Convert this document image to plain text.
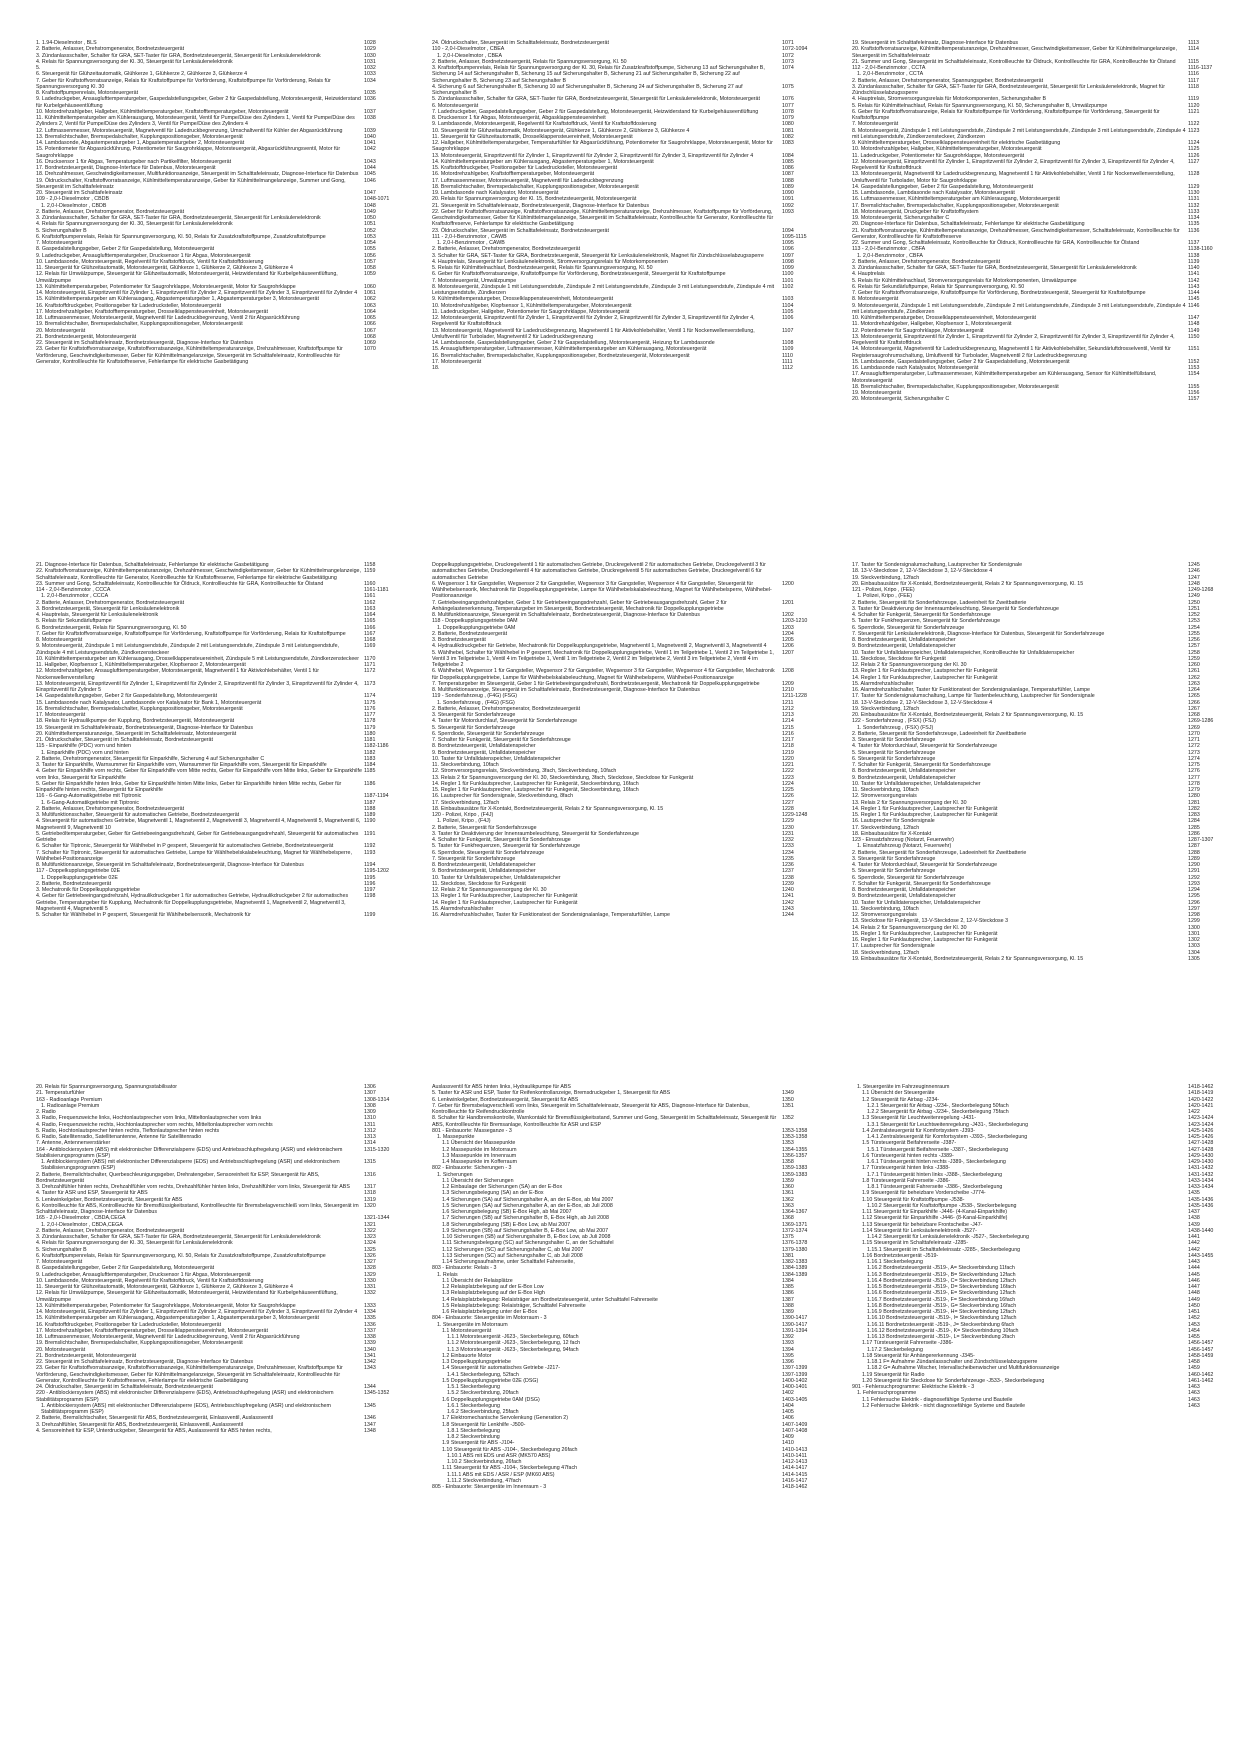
1. 1.94-Dieselmotor , BLS	1028
2. Batterie, Anlasser, Drehstromgenerator, Bordnetzsteuergerät	1029
3. Zündanlassschalter, Schalter für GRA, SET-Taster für GRA, Bordnetzsteuergerät, Steuergerät für Lenksäulenelektronik	1030
4. Relais für Spannungsversorgung der Kl. 30, Steuergerät für Lenksäulenelektronik	1031
5.	1032
6. Steuergerät für Glühzeitautomatik, Glühkerze 1, Glühkerze 2, Glühkerze 3, Glühkerze 4	1033
7. Geber für Kraftstoffvorratsanzeige, Relais für Kraftstoffpumpe für Vorförderung, Kraftstoffpumpe für Vorförderung, Relais für Spannungsversorgung Kl. 30
1034
8. Kraftstoffpumpenrelais, Motorsteuergerät	1035
9. Ladedruckgeber, Ansauglufttemperaturgeber, Gaspedalstellungsgeber, Geber 2 für Gaspedalstellung, Motorsteuergerät, Heizwiderstand für Kurbelgehäuseentlüftung
1036
10. Motordrehzahlgeber, Hallgeber, Kühlmitteltemperaturgeber, Kraftstofftemperaturgeber, Motorsteuergerät	1037
11. Kühlmitteltemperaturgeber am Kühlerausgang, Motorsteuergerät, Ventil für Pumpe/Düse des Zylinders 1, Ventil für Pumpe/Düse des Zylinders 2, Ventil für Pumpe/Düse des Zylinders 3, Ventil für Pumpe/Düse des Zylinders 4
1038
12. Luftmassenmesser, Motorsteuergerät, Magnetventil für Ladedruckbegrenzung, Umschaltventil für Kühler der Abgasrückführung	1039
13. Bremslichtschalter, Bremspedalschalter, Kupplungspositionsgeber, Motorsteuergerät	1040
14. Lambdasonde, Abgastemperaturgeber 1, Abgastemperaturgeber 2, Motorsteuergerät	1041
15. Potentiometer für Abgasrückführung, Potentiometer für Saugrohrklappe, Motorsteuergerät, Abgasrückführungsventil, Motor für Saugrohrklappe
1042
16. Drucksensor 1 für Abgas, Temperaturgeber nach Partikelfilter, Motorsteuergerät	1043
17. Bordnetzsteuergerät, Diagnose-Interface für Datenbus, Motorsteuergerät	1044
18. Drehzahlmesser, Geschwindigkeitsmesser, Multifunktionsanzeige, Steuergerät im Schalttafeleinsatz, Diagnose-Interface für Datenbus	1045
19. Öldruckschalter, Kraftstoffvorratsanzeige, Kühlmitteltemperaturanzeige, Geber für Kühlmittelmangelanzeige, Summer und Gong, Steuergerät im Schalttafeleinsatz
1046
20. Steuergerät im Schalttafeleinsatz	1047
109 - 2,0-l-Dieselmotor , CBDB	1048-1071
1. 2,0-l-Dieselmotor , CBDB	1048
2. Batterie, Anlasser, Drehstromgenerator, Bordnetzsteuergerät	1049
3. Zündanlassschalter, Schalter für GRA, SET-Taster für GRA, Bordnetzsteuergerät, Steuergerät für Lenksäulenelektronik	1050
4. Relais für Spannungsversorgung der Kl. 30, Steuergerät für Lenksäulenelektronik	1051
5. Sicherungshalter B	1052
6. Kraftstoffpumpenrelais, Relais für Spannungsversorgung, Kl. 50, Relais für Zusatzkraftstoffpumpe, Zusatzkraftstoffpumpe	1053
7. Motorsteuergerät	1054
8. Gaspedalstellungsgeber, Geber 2 für Gaspedalstellung, Motorsteuergerät	1055
9. Ladedruckgeber, Ansauglufttemperaturgeber, Drucksensor 1 für Abgas, Motorsteuergerät	1056
10. Lambdasonde, Motorsteuergerät, Regelventil für Kraftstoffdruck, Ventil für Kraftstoffdosierung	1057
11. Steuergerät für Glühzeitautomatik, Motorsteuergerät, Glühkerze 1, Glühkerze 2, Glühkerze 3, Glühkerze 4	1058
12. Relais für Umwälzpumpe, Steuergerät für Glühzeitautomatik, Motorsteuergerät, Heizwiderstand für Kurbelgehäuseentlüftung, Umwälzpumpe
1059
13. Kühlmitteltemperaturgeber, Potentiometer für Saugrohrklappe, Motorsteuergerät, Motor für Saugrohrklappe	1060
14. Motorsteuergerät, Einspritzventil für Zylinder 1, Einspritzventil für Zylinder 2, Einspritzventil für Zylinder 3, Einspritzventil für Zylinder 4	1061
15. Kühlmitteltemperaturgeber am Kühlerausgang, Abgastemperaturgeber 1, Abgastemperaturgeber 3, Motorsteuergerät	1062
16. Kraftstoffdruckgeber, Positionsgeber für Ladedrucksteller, Motorsteuergerät	1063
17. Motordrehzahlgeber, Kraftstofftemperaturgeber, Drosselklappensteuereinheit, Motorsteuergerät	1064
18. Luftmassenmesser, Motorsteuergerät, Magnetventil für Ladedruckbegrenzung, Ventil 2 für Abgasrückführung	1065
19. Bremslichtschalter, Bremspedalschalter, Kupplungspositionsgeber, Motorsteuergerät	1066
20. Motorsteuergerät	1067
21. Bordnetzsteuergerät, Motorsteuergerät	1068
22. Steuergerät im Schalttafeleinsatz, Bordnetzsteuergerät, Diagnose-Interface für Datenbus	1069
23. Geber für Kraftstoffvorratsanzeige, Kraftstoffvorratsanzeige, Kühlmitteltemperaturanzeige, Drehzahlmesser, Kraftstoffpumpe für Vorförderung, Geschwindigkeitsmesser, Geber für Kühlmittelmangelanzeige, Steuergerät im Schalttafeleinsatz, Kontrollleuchte für Generator, Kontrollleuchte für Kraftstoffreserve, Fehlerlampe für elektrische Gasbetätigung
1070
24. Öldruckschalter, Steuergerät im Schalttafeleinsatz, Bordnetzsteuergerät	1071
110 - 2,0-l-Dieselmotor , CBEA	1072-1094
1. 2,0-l-Dieselmotor , CBEA	1072
2. Batterie, Anlasser, Bordnetzsteuergerät, Relais für Spannungsversorgung, Kl. 50	1073
3. Kraftstoffpumpenrelais, Relais für Spannungsversorgung der Kl. 30, Relais für Zusatzkraftstoffpumpe, Sicherung 13 auf Sicherungshalter B, Sicherung 14 auf Sicherungshalter B, Sicherung 15 auf Sicherungshalter B, Sicherung 21 auf Sicherungshalter B, Sicherung 22 auf Sicherungshalter B, Sicherung 23 auf Sicherungshalter B
1074
4. Sicherung 6 auf Sicherungshalter B, Sicherung 10 auf Sicherungshalter B, Sicherung 24 auf Sicherungshalter B, Sicherung 27 auf Sicherungshalter B
1075
5. Zündanlassschalter, Schalter für GRA, SET-Taster für GRA, Bordnetzsteuergerät, Steuergerät für Lenksäulenelektronik, Motorsteuergerät	1076
6. Motorsteuergerät	1077
7. Ladedruckgeber, Gaspedalstellungsgeber, Geber 2 für Gaspedalstellung, Motorsteuergerät, Heizwiderstand für Kurbelgehäuseentlüftung	1078
8. Drucksensor 1 für Abgas, Motorsteuergerät, Abgasklappensteuereinheit	1079
9. Lambdasonde, Motorsteuergerät, Regelventil für Kraftstoffdruck, Ventil für Kraftstoffdosierung	1080
10. Steuergerät für Glühzeitautomatik, Motorsteuergerät, Glühkerze 1, Glühkerze 2, Glühkerze 3, Glühkerze 4	1081
11. Steuergerät für Glühzeitautomatik, Drosselklappensteuereinheit, Motorsteuergerät	1082
12. Hallgeber, Kühlmitteltemperaturgeber, Temperaturfühler für Abgasrückführung, Potentiometer für Saugrohrklappe, Motorsteuergerät, Motor für Saugrohrklappe
1083
13. Motorsteuergerät, Einspritzventil für Zylinder 1, Einspritzventil für Zylinder 2, Einspritzventil für Zylinder 3, Einspritzventil für Zylinder 4	1084
14. Kühlmitteltemperaturgeber am Kühlerausgang, Abgastemperaturgeber 1, Motorsteuergerät	1085
15. Kraftstoffdruckgeber, Positionsgeber für Ladedrucksteller, Motorsteuergerät	1086
16. Motordrehzahlgeber, Kraftstofftemperaturgeber, Motorsteuergerät	1087
17. Luftmassenmesser, Motorsteuergerät, Magnetventil für Ladedruckbegrenzung	1088
18. Bremslichtschalter, Bremspedalschalter, Kupplungspositionsgeber, Motorsteuergerät	1089
19. Lambdasonde nach Katalysator, Motorsteuergerät	1090
20. Relais für Spannungsversorgung der Kl. 15, Bordnetzsteuergerät, Motorsteuergerät	1091
21. Steuergerät im Schalttafeleinsatz, Bordnetzsteuergerät, Diagnose-Interface für Datenbus	1092
22. Geber für Kraftstoffvorratsanzeige, Kraftstoffvorratsanzeige, Kühlmitteltemperaturanzeige, Drehzahlmesser, Kraftstoffpumpe für Vorförderung, Geschwindigkeitsmesser, Geber für Kühlmittelmangelanzeige, Steuergerät im Schalttafeleinsatz, Kontrollleuchte für Generator, Kontrollleuchte für Kraftstoffreserve, Fehlerlampe für elektrische Gasbetätigung
1093
23. Öldruckschalter, Steuergerät im Schalttafeleinsatz, Bordnetzsteuergerät	1094
111 - 2,0-l-Benzinmotor , CAWB	1095-1115
1. 2,0-l-Benzinmotor , CAWB	1095
2. Batterie, Anlasser, Drehstromgenerator, Bordnetzsteuergerät	1096
3. Schalter für GRA, SET-Taster für GRA, Bordnetzsteuergerät, Steuergerät für Lenksäulenelektronik, Magnet für Zündschlüsselabzugssperre	1097
4. Hauptrelais, Steuergerät für Lenksäulenelektronik, Stromversorgungsrelais für Motorkomponenten	1098
5. Relais für Kühlmittelnachlauf, Bordnetzsteuergerät, Relais für Spannungsversorgung, Kl. 50	1099
6. Geber für Kraftstoffvorratsanzeige, Kraftstoffpumpe für Vorförderung, Bordnetzsteuergerät, Steuergerät für Kraftstoffpumpe	1100
7. Motorsteuergerät, Umwälzpumpe	1101
8. Motorsteuergerät, Zündspule 1 mit Leistungsendstufe, Zündspule 2 mit Leistungsendstufe, Zündspule 3 mit Leistungsendstufe, Zündspule 4 mit Leistungsendstufe, Zündkerzen
1102
9. Kühlmitteltemperaturgeber, Drosselklappensteuereinheit, Motorsteuergerät	1103
10. Motordrehzahlgeber, Klopfsensor 1, Kühlmitteltemperaturgeber, Motorsteuergerät	1104
11. Ladedruckgeber, Hallgeber, Potentiometer für Saugrohrklappe, Motorsteuergerät	1105
12. Motorsteuergerät, Einspritzventil für Zylinder 1, Einspritzventil für Zylinder 2, Einspritzventil für Zylinder 3, Einspritzventil für Zylinder 4, Regelventil für Kraftstoffdruck
1106
13. Motorsteuergerät, Magnetventil für Ladedruckbegrenzung, Magnetventil 1 für Aktivkohlebehälter, Ventil 1 für Nockenwellenverstellung, Umluftventil für Turbolader, Magnetventil 2 für Ladedruckbegrenzung
1107
14. Lambdasonde, Gaspedalstellungsgeber, Geber 2 für Gaspedalstellung, Motorsteuergerät, Heizung für Lambdasonde	1108
15. Ansauglufttemperaturgeber, Luftmassenmesser, Kühlmitteltemperaturgeber am Kühlerausgang, Motorsteuergerät	1109
16. Bremslichtschalter, Bremspedalschalter, Kupplungspositionsgeber, Bordnetzsteuergerät, Motorsteuergerät	1110
17. Motorsteuergerät	1111
18.	1112
19. Steuergerät im Schalttafeleinsatz, Diagnose-Interface für Datenbus	1113
20. Kraftstoffvorratsanzeige, Kühlmitteltemperaturanzeige, Drehzahlmesser, Geschwindigkeitsmesser, Geber für Kühlmittelmangelanzeige, Steuergerät im Schalttafeleinsatz
1114
21. Summer und Gong, Steuergerät im Schalttafeleinsatz, Kontrollleuchte für Öldruck, Kontrollleuchte für GRA, Kontrollleuchte für Ölstand	1115
112 - 2,0-l-Benzinmotor , CCTA	1116-1137
1. 2,0-l-Benzinmotor , CCTA	1116
2. Batterie, Anlasser, Drehstromgenerator, Spannungsgeber, Bordnetzsteuergerät	1117
3. Zündanlassschalter, Schalter für GRA, SET-Taster für GRA, Bordnetzsteuergerät, Steuergerät für Lenksäulenelektronik, Magnet für Zündschlüsselabzugssperre
1118
4. Hauptrelais, Stromversorgungsrelais für Motorkomponenten, Sicherungshalter B	1119
5. Relais für Kühlmittelnachlauf, Relais für Spannungsversorgung, Kl. 50, Sicherungshalter B, Umwälzpumpe	1120
6. Geber für Kraftstoffvorratsanzeige, Relais für Kraftstoffpumpe für Vorförderung, Kraftstoffpumpe für Vorförderung, Steuergerät für Kraftstoffpumpe
1121
7. Motorsteuergerät	1122
8. Motorsteuergerät, Zündspule 1 mit Leistungsendstufe, Zündspule 2 mit Leistungsendstufe, Zündspule 3 mit Leistungsendstufe, Zündspule 4 mit Leistungsendstufe, Zündkerzensteckeer, Zündkerzen
1123
9. Kühlmitteltemperaturgeber, Drosselklappensteuereinheit für elektrische Gasbetätigung	1124
10. Motordrehzahlgeber, Hallgeber, Kühlmitteltemperaturgeber, Motorsteuergerät	1125
11. Ladedruckgeber, Potentiometer für Saugrohrklappe, Motorsteuergerät	1126
12. Motorsteuergerät, Einspritzventil für Zylinder 1, Einspritzventil für Zylinder 2, Einspritzventil für Zylinder 3, Einspritzventil für Zylinder 4, Regelventil für Kraftstoffdruck
1127
13. Motorsteuergerät, Magnetventil für Ladedruckbegrenzung, Magnetventil 1 für Aktivkohlebehälter, Ventil 1 für Nockenwellenverstellung, Umluftventil für Turbolader, Motor für Saugrohrklappe
1128
14. Gaspedalstellungsgeber, Geber 2 für Gaspedalstellung, Motorsteuergerät	1129
15. Lambdasonde, Lambdasonde nach Katalysator, Motorsteuergerät	1130
16. Luftmassenmesser, Kühlmitteltemperaturgeber am Kühlerausgang, Motorsteuergerät	1131
17. Bremslichtschalter, Bremspedalschalter, Kupplungspositionsgeber, Motorsteuergerät	1132
18. Motorsteuergerät, Druckgeber für Kraftstoffsystem	1133
19. Motorsteuergerät, Sicherungshalter C	1134
20. Diagnose-Interface für Datenbus, Schalttafeleinsatz, Fehlerlampe für elektrische Gasbetätigung	1135
21. Kraftstoffvorratsanzeige, Kühlmitteltemperaturanzeige, Drehzahlmesser, Geschwindigkeitsmesser, Schalttafeleinsatz, Kontrollleuchte für Generator, Kontrollleuchte für Kraftstoffreserve
1136
22. Summer und Gong, Schalttafeleinsatz, Kontrollleuchte für Öldruck, Kontrollleuchte für GRA, Kontrollleuchte für Ölstand	1137
113 - 2,0-l-Benzinmotor , CBFA	1138-1160
1. 2,0-l-Benzinmotor , CBFA	1138
2. Batterie, Anlasser, Drehstromgenerator, Bordnetzsteuergerät	1139
3. Zündanlassschalter, Schalter für GRA, SET-Taster für GRA, Bordnetzsteuergerät, Steuergerät für Lenksäulenelektronik	1140
4. Hauptrelais	1141
5. Relais für Kühlmittelnachlauf, Stromversorgungsrelais für Motorkomponenten, Umwälzpumpe	1142
6. Relais für Sekundärluftpumpe, Relais für Spannungsversorgung, Kl. 50	1143
7. Geber für Kraftstoffvorratsanzeige, Kraftstoffpumpe für Vorförderung, Bordnetzsteuergerät, Steuergerät für Kraftstoffpumpe	1144
8. Motorsteuergerät	1145
9. Motorsteuergerät, Zündspule 1 mit Leistungsendstufe, Zündspule 2 mit Leistungsendstufe, Zündspule 3 mit Leistungsendstufe, Zündspule 4 mit Leistungsendstufe, Zündkerzen
1146
10. Kühlmitteltemperaturgeber, Drosselklappensteuereinheit, Motorsteuergerät	1147
11. Motordrehzahlgeber, Hallgeber, Klopfsensor 1, Motorsteuergerät	1148
12. Potentiometer für Saugrohrklappe, Motorsteuergerät	1149
13. Motorsteuergerät, Einspritzventil für Zylinder 1, Einspritzventil für Zylinder 2, Einspritzventil für Zylinder 3, Einspritzventil für Zylinder 4, Regelventil für Kraftstoffdruck
1150
14. Motorsteuergerät, Magnetventil für Ladedruckbegrenzung, Magnetventil 1 für Aktivkohlebehälter, Sekundärluftdrosselventil, Ventil für Registersaugrohrumschaltung, Umluftventil für Turbolader, Magnetventil 2 für Ladedruckbegrenzung
1151
15. Lambdasonde, Gaspedalstellungsgeber, Geber 2 für Gaspedalstellung, Motorsteuergerät	1152
16. Lambdasonde nach Katalysator, Motorsteuergerät	1153
17. Ansauglufttemperaturgeber, Luftmassenmesser, Kühlmitteltemperaturgeber am Kühlerausgang, Sensor für Kühlmittelfüllstand, Motorsteuergerät
1154
18. Bremslichtschalter, Bremspedalschalter, Kupplungspositionsgeber, Motorsteuergerät	1155
19. Motorsteuergerät	1156
20. Motorsteuergerät, Sicherungshalter C	1157
21. Diagnose-Interface für Datenbus, Schalttafeleinsatz, Fehlerlampe für elektrische Gasbetätigung	1158
22. Kraftstoffvorratsanzeige, Kühlmitteltemperaturanzeige, Drehzahlmesser, Geschwindigkeitsmesser, Geber für Kühlmittelmangelanzeige, Schalttafeleinsatz, Kontrollleuchte für Generator, Kontrollleuchte für Kraftstoffreserve, Fehlerlampe für elektrische Gasbetätigung
1159
23. Summer und Gong, Schalttafeleinsatz, Kontrollleuchte für Öldruck, Kontrollleuchte für GRA, Kontrollleuchte für Ölstand	1160
114 - 2,0-l-Benzinmotor , CCCA	1161-1181
1. 2,0-l-Benzinmotor , CCCA	1161
2. Batterie, Anlasser, Drehstromgenerator, Bordnetzsteuergerät	1162
3. Bordnetzsteuergerät, Steuergerät für Lenksäulenelektronik	1163
4. Hauptrelais, Steuergerät für Lenksäulenelektronik	1164
5. Relais für Sekundärluftpumpe	1165
6. Bordnetzsteuergerät, Relais für Spannungsversorgung, Kl. 50	1166
7. Geber für Kraftstoffvorratsanzeige, Kraftstoffpumpe für Vorförderung, Kraftstoffpumpe für Vorförderung, Relais für Kraftstoffpumpe	1167
8. Motorsteuergerät	1168
9. Motorsteuergerät, Zündspule 1 mit Leistungsendstufe, Zündspule 2 mit Leistungsendstufe, Zündspule 3 mit Leistungsendstufe, Zündspule 4 mit Leistungsendstufe, Zündkerzensteckeer
1169
10. Kühlmitteltemperaturgeber am Kühlerausgang, Drosselklappensteuereinheit, Zündspule 5 mit Leistungsendstufe, Zündkerzensteckeer 1170
11. Hallgeber, Klopfsensor 1, Kühlmitteltemperaturgeber, Klopfsensor 2, Motorsteuergerät	1171
12. Motordrehzahlgeber, Ansauglufttemperaturgeber, Motorsteuergerät, Magnetventil 1 für Aktivkohlebehälter, Ventil 1 für Nockenwellenverstellung
1172
13. Motorsteuergerät, Einspritzventil für Zylinder 1, Einspritzventil für Zylinder 2, Einspritzventil für Zylinder 3, Einspritzventil für Zylinder 4, Einspritzventil für Zylinder 5
1173
14. Gaspedalstellungsgeber, Geber 2 für Gaspedalstellung, Motorsteuergerät	1174
15. Lambdasonde nach Katalysator, Lambdasonde vor Katalysator für Bank 1, Motorsteuergerät	1175
16. Bremslichtschalter, Bremspedalschalter, Kupplungspositionsgeber, Motorsteuergerät	1176
17. Motorsteuergerät	1177
18. Relais für Hydraulikpumpe der Kupplung, Bordnetzsteuergerät, Motorsteuergerät	1178
19. Steuergerät im Schalttafeleinsatz, Bordnetzsteuergerät, Diagnose-Interface für Datenbus	1179
20. Kühlmitteltemperaturanzeige, Steuergerät im Schalttafeleinsatz, Motorsteuergerät	1180
21. Öldruckschalter, Steuergerät im Schalttafeleinsatz, Bordnetzsteuergerät	1181
115 - Einparkhilfe (PDC) vorn und hinten	1182-1186
1. Einparkhilfe (PDC) vorn und hinten	1182
2. Batterie, Drehstromgenerator, Steuergerät für Einparkhilfe, Sicherung 4 auf Sicherungshalter C	1183
3. Taster für Einparkhilfe, Warnsummer für Einparkhilfe vorn, Warnsummer für Einparkhilfe vorn, Steuergerät für Einparkhilfe	1184
4. Geber für Einparkhilfe vorn rechts, Geber für Einparkhilfe vorn Mitte rechts, Geber für Einparkhilfe vorn Mitte links, Geber für Einparkhilfe vorn links, Steuergerät für Einparkhilfe
1185
5. Geber für Einparkhilfe hinten links, Geber für Einparkhilfe hinten Mitte links, Geber für Einparkhilfe hinten Mitte rechts, Geber für Einparkhilfe hinten rechts, Steuergerät für Einparkhilfe
1186
116 - 6-Gang-Automatikgetriebe mit Tiptronic	1187-1194
1. 6-Gang-Automatikgetriebe mit Tiptronic	1187
2. Batterie, Anlasser, Drehstromgenerator, Bordnetzsteuergerät	1188
3. Multifunktionsschalter, Steuergerät für automatisches Getriebe, Bordnetzsteuergerät	1189
4. Steuergerät für automatisches Getriebe, Magnetventil 1, Magnetventil 2, Magnetventil 3, Magnetventil 4, Magnetventil 5, Magnetventil 6, Magnetventil 9, Magnetventil 10
1190
5. Getriebeöltemperaturgeber, Geber für Getriebeeingangsdrehzahl, Geber für Getriebeausgangsdrehzahl, Steuergerät für automatisches Getriebe
1191
6. Schalter für Tiptronic, Steuergerät für Wählhebel in P gesperrt, Steuergerät für automatisches Getriebe, Bordnetzsteuergerät	1192
7. Schalter für Tiptronic, Steuergerät für automatisches Getriebe, Lampe für Wählhebelskalabeleuchtung, Magnet für Wählhebelsperre, Wählhebel-Positionsanzeige
1193
8. Multifunktionsanzeige, Steuergerät im Schalttafeleinsatz, Bordnetzsteuergerät, Diagnose-Interface für Datenbus	1194
117 - Doppelkupplungsgetriebe 02E	1195-1202
1. Doppelkupplungsgetriebe 02E	1195
2. Batterie, Bordnetzsteuergerät	1196
3. Mechatronik für Doppelkupplungsgetriebe	1197
4. Geber für Getriebeeingangsdrehzahl, Hydraulikdruckgeber 1 für automatisches Getriebe, Hydraulikdruckgeber 2 für automatisches Getriebe, Temperaturgeber für Kupplung, Mechatronik für Doppelkupplungsgetriebe, Magnetventil 1, Magnetventil 2, Magnetventil 3, Magnetventil 4, Magnetventil 5
1198
5. Schalter für Wählhebel in P gesperrt, Steuergerät für Wählhebelsensorik, Mechatronik für	1199
Doppelkupplungsgetriebe, Druckregelventil 1 für automatisches Getriebe, Druckregelventil 2 für automatisches Getriebe, Druckregelventil 3 für automatisches Getriebe, Druckregelventil 4 für automatisches Getriebe, Druckregelventil 5 für automatisches Getriebe, Druckregelventil 6 für automatisches Getriebe
6. Wegsensor 1 für Gangsteller, Wegsensor 2 für Gangsteller, Wegsensor 3 für Gangsteller, Wegsensor 4 für Gangsteller, Steuergerät für Wählhebelsensorik, Mechatronik für Doppelkupplungsgetriebe, Lampe für Wählhebelskalabeleuchtung, Magnet für Wählhebelsperre, Wählhebel-Positionsanzeige
1200
7. Getriebeeingangsdrehzahlgeber, Geber 1 für Getriebeeingangsdrehzahl, Geber für Getriebeausgangsdrehzahl, Geber 2 für Anhängelastenerkennung, Temperaturgeber im Steuergerät, Bordnetzsteuergerät, Mechatronik für Doppelkupplungsgetriebe
1201
8. Multifunktionsanzeige, Steuergerät im Schalttafeleinsatz, Bordnetzsteuergerät, Diagnose-Interface für Datenbus	1202
118 - Doppelkupplungsgetriebe 0AM	1203-1210
1. Doppelkupplungsgetriebe 0AM	1203
2. Batterie, Bordnetzsteuergerät	1204
3. Bordnetzsteuergerät	1205
4. Hydraulikdruckgeber für Getriebe, Mechatronik für Doppelkupplungsgetriebe, Magnetventil 1, Magnetventil 2, Magnetventil 3, Magnetventil 4	1206
5. Wählhebel, Schalter für Wählhebel in P gesperrt, Mechatronik für Doppelkupplungsgetriebe, Ventil 1 im Teilgetriebe 1, Ventil 2 im Teilgetriebe 1, Ventil 3 im Teilgetriebe 1, Ventil 4 im Teilgetriebe 1, Ventil 1 im Teilgetriebe 2, Ventil 2 im Teilgetriebe 2, Ventil 3 im Teilgetriebe 2, Ventil 4 im Teilgetriebe 2
1207
6. Wählhebel, Wegsensor 1 für Gangsteller, Wegsensor 2 für Gangsteller, Wegsensor 3 für Gangsteller, Wegsensor 4 für Gangsteller, Mechatronik für Doppelkupplungsgetriebe, Lampe für Wählhebelskalabeleuchtung, Magnet für Wählhebelsperre, Wählhebel-Positionsanzeige
1208
7. Temperaturgeber im Steuergerät, Geber 1 für Getriebeeingangsdrehzahl, Bordnetzsteuergerät, Mechatronik für Doppelkupplungsgetriebe	1209
8. Multifunktionsanzeige, Steuergerät im Schalttafeleinsatz, Bordnetzsteuergerät, Diagnose-Interface für Datenbus	1210
119 - Sonderfahrzeug , (F4G) (FSG)	1211-1228
1. Sonderfahrzeug , (F4G) (FSG)	1211
2. Batterie, Anlasser, Drehstromgenerator, Bordnetzsteuergerät	1212
3. Steuergerät für Sonderfahrzeuge	1213
4. Taster für Motordurchlauf, Steuergerät für Sonderfahrzeuge	1214
5. Steuergerät für Sonderfahrzeuge	1215
6. Sperrdiode, Steuergerät für Sonderfahrzeuge	1216
7. Schalter für Funkgerät, Steuergerät für Sonderfahrzeuge	1217
8. Bordnetzsteuergerät, Unfalldatenspeicher	1218
9. Bordnetzsteuergerät, Unfalldatenspeicher	1219
10. Taster für Unfalldatenspeicher, Unfalldatenspeicher	1220
11. Steckverbindung, 10fach	1221
12. Stromversorgungsrelais, Steckverbindung, 3fach, Steckverbindung, 10fach	1222
13. Relais 2 für Spannungsversorgung der Kl. 30, Steckverbindung, 3fach, Steckdose, Steckdose für Funkgerät	1223
14. Regler 1 für Funklautsprecher, Lautsprecher für Funkgerät, Steckverbindung, 16fach	1224
15. Regler 1 für Funklautsprecher, Lautsprecher für Funkgerät, Steckverbindung, 16fach	1225
16. Lautsprecher für Sondersignale, Steckverbindung, 8fach	1226
17. Steckverbindung, 12fach	1227
18. Einbaubausätze für X-Kontakt, Bordnetzsteuergerät, Relais 2 für Spannungsversorgung, Kl. 15	1228
120 - Polizei, Kripo , (F4J)	1229-1248
1. Polizei, Kripo , (F4J)	1229
2. Batterie, Steuergerät für Sonderfahrzeuge	1230
3. Taster für Deaktivierung der Innenraumbeleuchtung, Steuergerät für Sonderfahrzeuge	1231
4. Schalter für Funkgerät, Steuergerät für Sonderfahrzeuge	1232
5. Taster für Funkfrequenzen, Steuergerät für Sonderfahrzeuge	1233
6. Sperrdiode, Steuergerät für Sonderfahrzeuge	1234
7. Steuergerät für Sonderfahrzeuge	1235
8. Bordnetzsteuergerät, Unfalldatenspeicher	1236
9. Bordnetzsteuergerät, Unfalldatenspeicher	1237
10. Taster für Unfalldatenspeicher, Unfalldatenspeicher	1238
11. Steckdose, Steckdose für Funkgerät	1239
12. Relais 2 für Spannungsversorgung der Kl. 30	1240
13. Regler 1 für Funklautsprecher, Lautsprecher für Funkgerät	1241
14. Regler 1 für Funklautsprecher, Lautsprecher für Funkgerät	1242
15. Alarmdrehzahlschalter	1243
16. Alarmdrehzahlschalter, Taster für Funktionstest der Sondersignalanlage, Temperaturfühler, Lampe	1244
17. Taster für Sondersignalumschaltung, Lautsprecher für Sondersignale	1245
18. 13-V-Steckdose 2, 12-V-Steckdose 3, 12-V-Steckdose 4	1246
19. Steckverbindung, 12fach	1247
20. Einbaubausätze für X-Kontakt, Bordnetzsteuergerät, Relais 2 für Spannungsversorgung, Kl. 15	1248
121 - Polizei, Kripo , (FEE)	1249-1268
1. Polizei, Kripo , (FEE)	1249
2. Batterie, Steuergerät für Sonderfahrzeuge, Ladeeinheit für Zweitbatterie	1250
3. Taster für Deaktivierung der Innenraumbeleuchtung, Steuergerät für Sonderfahrzeuge	1251
4. Schalter für Funkgerät, Steuergerät für Sonderfahrzeuge	1252
5. Taster für Funkfrequenzen, Steuergerät für Sonderfahrzeuge	1253
6. Sperrdiode, Steuergerät für Sonderfahrzeuge	1254
7. Steuergerät für Lenksäulenelektronik, Diagnose-Interface für Datenbus, Steuergerät für Sonderfahrzeuge	1255
8. Bordnetzsteuergerät, Unfalldatenspeicher	1256
9. Bordnetzsteuergerät, Unfalldatenspeicher	1257
10. Taster für Unfalldatenspeicher, Unfalldatenspeicher, Kontrollleuchte für Unfalldatenspeicher	1258
11. Steckdose, Steckdose für Funkgerät	1259
12. Relais 2 für Spannungsversorgung der Kl. 30	1260
13. Regler 1 für Funklautsprecher, Lautsprecher für Funkgerät	1261
14. Regler 1 für Funklautsprecher, Lautsprecher für Funkgerät	1262
15. Alarmdrehzahlschalter	1263
16. Alarmdrehzahlschalter, Taster für Funktionstest der Sondersignalanlage, Temperaturfühler, Lampe	1264
17. Taster für Sondersignalumschaltung, Lampe für Tastenbeleuchtung, Lautsprecher für Sondersignale	1265
18. 13-V-Steckdose 2, 12-V-Steckdose 3, 12-V-Steckdose 4	1266
19. Steckverbindung, 12fach	1267
20. Einbaubausätze für X-Kontakt, Bordnetzsteuergerät, Relais 2 für Spannungsversorgung, Kl. 15	1268
122 - Sonderfahrzeug , (FSX) (FSJ)	1269-1286
1. Sonderfahrzeug , (FSX) (FSJ)	1269
2. Batterie, Steuergerät für Sonderfahrzeuge, Ladeeinheit für Zweitbatterie	1270
3. Steuergerät für Sonderfahrzeuge	1271
4. Taster für Motordurchlauf, Steuergerät für Sonderfahrzeuge	1272
5. Steuergerät für Sonderfahrzeuge	1273
6. Steuergerät für Sonderfahrzeuge	1274
7. Schalter für Funkgerät, Steuergerät für Sonderfahrzeuge	1275
8. Bordnetzsteuergerät, Unfalldatenspeicher	1276
9. Bordnetzsteuergerät, Unfalldatenspeicher	1277
10. Taster für Unfalldatenspeicher, Unfalldatenspeicher	1278
11. Steckverbindung, 10fach	1279
12. Stromversorgungsrelais	1280
13. Relais 2 für Spannungsversorgung der Kl. 30	1281
14. Regler 1 für Funklautsprecher, Lautsprecher für Funkgerät	1282
15. Regler 1 für Funklautsprecher, Lautsprecher für Funkgerät	1283
16. Lautsprecher für Sondersignale	1284
17. Steckverbindung, 12fach	1285
18. Einbaubausätze für X-Kontakt	1286
123 - Einsatzfahrzeug (Notarzt, Feuerwehr)	1287-1307
1. Einsatzfahrzeug (Notarzt, Feuerwehr)	1287
2. Batterie, Steuergerät für Sonderfahrzeuge, Ladeeinheit für Zweitbatterie	1288
3. Steuergerät für Sonderfahrzeuge	1289
4. Taster für Motordurchlauf, Steuergerät für Sonderfahrzeuge	1290
5. Steuergerät für Sonderfahrzeuge	1291
6. Sperrdiode, Steuergerät für Sonderfahrzeuge	1292
7. Schalter für Funkgerät, Steuergerät für Sonderfahrzeuge	1293
8. Bordnetzsteuergerät, Unfalldatenspeicher	1294
9. Bordnetzsteuergerät, Unfalldatenspeicher	1295
10. Taster für Unfalldatenspeicher, Unfalldatenspeicher	1296
11. Steckverbindung, 10fach	1297
12. Stromversorgungsrelais	1298
13. Steckdose für Funkgerät, 13-V-Steckdose 2, 12-V-Steckdose 3	1299
14. Relais 2 für Spannungsversorgung der Kl. 30	1300
15. Regler 1 für Funklautsprecher, Lautsprecher für Funkgerät	1301
16. Regler 1 für Funklautsprecher, Lautsprecher für Funkgerät	1302
17. Lautsprecher für Sondersignale	1303
18. Steckverbindung, 12fach	1304
19. Einbaubausätze für X-Kontakt, Bordnetzsteuergerät, Relais 2 für Spannungsversorgung, Kl. 15	1305
20. Relais für Spannungsversorgung, Spannungsstabilisator	1306
21. Temperaturfühler	1307
163 - Radioanlage Premium	1308-1314
1. Radioanlage Premium	1308
2. Radio	1309
3. Radio, Frequenzweiche links, Hochtonlautsprecher vorn links, Mitteltonlautsprecher vorn links	1310
4. Radio, Frequenzweiche rechts, Hochtonlautsprecher vorn rechts, Mitteltonlautsprecher vorn rechts	1311
5. Radio, Hochtonlautsprecher hinten rechts, Tieftonlautsprecher hinten rechts	1312
6. Radio, Satellitenradio, Satellitenantenne, Antenne für Satellitenradio	1313
7. Antenne, Antennenverstärker	1314
164 - Antiblockiersystem (ABS) mit elektronischer Differenzialsperre (EDS) und Antriebsschlupfregelung (ASR) und elektronischem Stabilisierungsprogramm (ESP)
1315-1320
1. Antiblockiersystem (ABS) mit elektronischer Differenzialsperre (EDS) und Antriebsschlupfregelung (ASR) und elektronischem Stabilisierungsprogramm (ESP)
1315
2. Batterie, Bremslichtschalter, Querbeschleunigungsgeber, Drehratengeber, Sensoreinheit für ESP, Steuergerät für ABS, Bordnetzsteuergerät
1316
3. Drehzahlfühler hinten rechts, Drehzahlfühler vorn rechts, Drehzahlfühler hinten links, Drehzahlfühler vorn links, Steuergerät für ABS	1317
4. Taster für ASR und ESP, Steuergerät für ABS	1318
5. Lenkwinkelgeber, Bordnetzsteuergerät, Steuergerät für ABS	1319
6. Kontrollleuchte für ABS, Kontrollleuchte für Bremsflüssigkeitsstand, Kontrollleuchte für Bremsbelagverschleiß vorn links, Steuergerät im Schalttafeleinsatz, Diagnose-Interface für Datenbus
1320
165 - 2,0-l-Dieselmotor , CBDA,CEGA	1321-1344
1. 2,0-l-Dieselmotor , CBDA,CEGA	1321
2. Batterie, Anlasser, Drehstromgenerator, Bordnetzsteuergerät	1322
3. Zündanlassschalter, Schalter für GRA, SET-Taster für GRA, Bordnetzsteuergerät, Steuergerät für Lenksäulenelektronik	1323
4. Relais für Spannungsversorgung der Kl. 30, Steuergerät für Lenksäulenelektronik	1324
5. Sicherungshalter B	1325
6. Kraftstoffpumpenrelais, Relais für Spannungsversorgung, Kl. 50, Relais für Zusatzkraftstoffpumpe, Zusatzkraftstoffpumpe	1326
7. Motorsteuergerät	1327
8. Gaspedalstellungsgeber, Geber 2 für Gaspedalstellung, Motorsteuergerät	1328
9. Ladedruckgeber, Ansauglufttemperaturgeber, Drucksensor 1 für Abgas, Motorsteuergerät	1329
10. Lambdasonde, Motorsteuergerät, Regelventil für Kraftstoffdruck, Ventil für Kraftstoffdosierung	1330
11. Steuergerät für Glühzeitautomatik, Motorsteuergerät, Glühkerze 1, Glühkerze 2, Glühkerze 3, Glühkerze 4	1331
12. Relais für Umwälzpumpe, Steuergerät für Glühzeitautomatik, Motorsteuergerät, Heizwiderstand für Kurbelgehäuseentlüftung, Umwälzpumpe
1332
13. Kühlmitteltemperaturgeber, Potentiometer für Saugrohrklappe, Motorsteuergerät, Motor für Saugrohrklappe	1333
14. Motorsteuergerät, Einspritzventil für Zylinder 1, Einspritzventil für Zylinder 2, Einspritzventil für Zylinder 3, Einspritzventil für Zylinder 4	1334
15. Kühlmitteltemperaturgeber am Kühlerausgang, Abgastemperaturgeber 1, Abgastemperaturgeber 3, Motorsteuergerät	1335
16. Kraftstoffdruckgeber, Positionsgeber für Ladedrucksteller, Motorsteuergerät	1336
17. Motordrehzahlgeber, Kraftstofftemperaturgeber, Drosselklappensteuereinheit, Motorsteuergerät	1337
18. Luftmassenmesser, Motorsteuergerät, Magnetventil für Ladedruckbegrenzung, Ventil 2 für Abgasrückführung	1338
19. Bremslichtschalter, Bremspedalschalter, Kupplungspositionsgeber, Motorsteuergerät	1339
20. Motorsteuergerät	1340
21. Bordnetzsteuergerät, Motorsteuergerät	1341
22. Steuergerät im Schalttafeleinsatz, Bordnetzsteuergerät, Diagnose-Interface für Datenbus	1342
23. Geber für Kraftstoffvorratsanzeige, Kraftstoffvorratsanzeige, Kühlmitteltemperaturanzeige, Drehzahlmesser, Kraftstoffpumpe für Vorförderung, Geschwindigkeitsmesser, Geber für Kühlmittelmangelanzeige, Steuergerät im Schalttafeleinsatz, Kontrollleuchte für Generator, Kontrollleuchte für Kraftstoffreserve, Fehlerlampe für elektrische Gasbetätigung
1343
24. Öldruckschalter, Steuergerät im Schalttafeleinsatz, Bordnetzsteuergerät	1344
220 - Antiblockiersystem (ABS) mit elektronischer Differenzialsperre (EDS), Antriebsschlupfregelung (ASR) und elektronischem Stabilitätsprogramm (ESP)
1345-1352
1. Antiblockiersystem (ABS) mit elektronischer Differenzialsperre (EDS), Antriebsschlupfregelung (ASR) und elektronischem Stabilitätsprogramm (ESP)
1345
2. Batterie, Bremslichtschalter, Steuergerät für ABS, Bordnetzsteuergerät, Einlassventil, Auslassventil	1346
3. Drehzahlfühler, Steuergerät für ABS, Bordnetzsteuergerät, Einlassventil, Auslassventil	1347
4. Sensoreinheit für ESP, Unterdruckgeber, Steuergerät für ABS, Auslassventil für ABS hinten rechts,	1348
Auslassventil für ABS hinten links, Hydraulikpumpe für ABS
5. Taster für ASR und ESP, Taster für Reifenkontrollanzeige, Bremsdruckgeber 1, Steuergerät für ABS	1349
6. Lenkwinkelgeber, Bordnetzsteuergerät, Steuergerät für ABS	1350
7. Geber für Bremsbelagverschleiß vorn links, Steuergerät im Schalttafeleinsatz, Steuergerät für ABS, Diagnose-Interface für Datenbus, Kontrollleuchte für Reifendruckkontrolle
1351
8. Schalter für Handbremskontrolle, Warnkontakt für Bremsflüssigkeitsstand, Summer und Gong, Steuergerät im Schalttafeleinsatz, Steuergerät für ABS, Kontrollleuchte für Bremsanlage, Kontrollleuchte für ASR und ESP
1352
801 - Einbauorte: Masseganze - 3	1353-1358
1. Massepunkte	1353-1358
1.1 Übersicht der Massepunkte	1353
1.2 Massepunkte im Motorraum	1354-1355
1.3 Massepunkte im Innenraum	1356-1357
1.4 Massepunkte im Kofferraum	1358
802 - Einbauorte: Sicherungen - 3	1359-1383
1. Sicherungen	1359-1383
1.1 Übersicht der Sicherungen	1359
1.2 Einbaulage der Sicherungen (SA) an der E-Box	1360
1.3 Sicherungsbelegung (SA) an der E-Box	1361
1.4 Sicherungen (SA) auf Sicherungshalter A, an der E-Box, ab Mai 2007	1362
1.5 Sicherungen (SA) auf Sicherungshalter A, an der E-Box, ab Juli 2008	1363
1.6 Sicherungsbelegung (SB) E-Box High, ab Mai 2007	1364-1367
1.7 Sicherungen (SB) auf Sicherungshalter B, E-Box High, ab Juli 2008	1368
1.8 Sicherungsbelegung (SB) E-Box Low, ab Mai 2007	1369-1371
1.9 Sicherungen (SB) auf Sicherungshalter B, E-Box Low, ab Mai 2007	1372-1374
1.10 Sicherungen (SB) auf Sicherungshalter B, E-Box Low, ab Juli 2008	1375
1.11 Sicherungsbelegung (SC) auf Sicherungshalter C, an der Schalttafel	1376-1378
1.12 Sicherungen (SC) auf Sicherungshalter C, ab Mai 2007	1379-1380
1.13 Sicherungen (SC) auf Sicherungshalter C, ab Juli 2008	1381
1.14 Sicherungsaufnahme, unter Schalttafel Fahrerseite,	1382-1383
803 - Einbauorte: Relais - 3	1384-1389
1. Relais	1384-1389
1.1 Übersicht der Relaisplätze	1384
1.2 Relaisplatzbelegung auf der E-Box Low	1385
1.3 Relaisplatzbelegung auf der E-Box High	1386
1.4 Relaisplatzbelegung: Relaisträger am Bordnetzsteuergerät, unter Schalttafel Fahrerseite	1387
1.5 Relaisplatzbelegung: Relaisträger, Schalttafel Fahrerseite	1388
1.6 Relaisplatzbelegung unter der E-Box	1389
804 - Einbauorte: Steuergeräte im Motorraum - 3	1390-1417
1. Steuergeräte im Motorraum	1390-1417
1.1 Motorsteuergerät	1391-1394
1.1.1 Motorsteuergerät -J623-, Steckerbelegung, 60fach	1392
1.1.2 Motorsteuergerät -J623-, Steckerbelegung, 12 fach	1393
1.1.3 Motorsteuergerät -J623-, Steckerbelegung, 94fach	1394
1.2 Einbauorte Motor	1395
1.3 Doppelkupplungsgetriebe	1396
1.4 Steuergerät für automatisches Getriebe -J217-	1397-1399
1.4.1 Steckerbelegung, 52fach	1397-1399
1.5 Doppelkupplungsgetriebe 02E (DSG)	1400-1402
1.5.1 Steckerbelegung	1400-1401
1.5.2 Steckverbindung, 20fach	1402
1.6 Doppelkupplungsgetriebe 0AM (DSG)	1403-1405
1.6.1 Steckerbelegung	1404
1.6.2 Steckverbindung, 25fach	1405
1.7 Elektromechanische Servolenkung (Generation 2)	1406
1.8 Steuergerät für Lenkhilfe -J500-	1407-1409
1.8.1 Steckerbelegung	1407-1408
1.8.2 Steckverbindung	1409
1.9 Steuergerät für ABS -J104-	1410
1.10 Steuergerät für ABS -J104-, Steckerbelegung 26fach	1410-1413
1.10.1 ABS mit EDS und ASR (MK570 ABS)	1410-1411
1.10.2 Steckverbindung, 26fach	1412-1413
1.11 Steuergerät für ABS -J104-, Steckerbelegung 47fach	1414-1417
1.11.1 ABS mit EDS / ASR / ESP (MK60 ABS)	1414-1415
1.11.2 Steckverbindung, 47fach	1416-1417
805 - Einbauorte: Steuergeräte im Innenraum - 3	1418-1462
1. Steuergeräte im Fahrzeuginnenraum	1418-1462
1.1 Übersicht der Steuergeräte	1418-1419
1.2 Steuergerät für Airbag -J234-	1420-1422
1.2.1 Steuergerät für Airbag -J234-, Steckerbelegung 50fach	1420-1421
1.2.2 Steuergerät für Airbag -J234-, Steckerbelegung 75fach	1422
1.3 Steuergerät für Leuchtweitenregelung -J431-	1423-1424
1.3.1 Steuergerät für Leuchtweitenregelung -J431-, Steckerbelegung	1423-1424
1.4 Zentralsteuergerät für Komfortsystem -J393-	1425-1426
1.4.1 Zentralsteuergerät für Komfortsystem -J393-, Steckerbelegung	1425-1426
1.5 Türsteuergerät Beifahrerseite -J387-	1427-1428
1.5.1 Türsteuergerät Beifahrerseite -J387-, Steckerbelegung	1427-1428
1.6 Türsteuergerät hinten rechts -J389-	1429-1430
1.6.1 Türsteuergerät hinten rechts -J389-, Steckerbelegung	1429-1430
1.7 Türsteuergerät hinten links -J388-	1431-1432
1.7.1 Türsteuergerät hinten links -J388-, Steckerbelegung	1431-1432
1.8 Türsteuergerät Fahrerseite -J386-	1433-1434
1.8.1 Türsteuergerät Fahrerseite -J386-, Steckerbelegung	1433-1434
1.9 Steuergerät für beheizbare Vorderscheibe -J774-	1435
1.10 Steuergerät für Kraftstoffpumpe -J538-	1435-1436
1.10.2 Steuergerät für Kraftstoffpumpe -J538-, Steckerbelegung	1435-1436
1.11 Steuergerät für Einparkhilfe -J446- (4-Kanal-Einparkhilfe)	1437
1.12 Steuergerät für Einparkhilfe -J446- (8-Kanal-Einparkhilfe)	1438
1.13 Steuergerät für beheizbare Frontscheibe -J47-	1439
1.14 Steuergerät für Lenksäulenelektronik -J527-	1438-1440
1.14.2 Steuergerät für Lenksäulenelektronik -J527-, Steckerbelegung	1441
1.15 Steuergerät im Schalttafeleinsatz -J285-	1442
1.15.1 Steuergerät im Schalttafeleinsatz -J285-, Steckerbelegung	1442
1.16 Bordnetzsteuergerät -J519-	1443-1455
1.16.1 Steckerbelegung	1443
1.16.2 Bordnetzsteuergerät -J519-, A= Steckverbindung 11fach	1444
1.16.3 Bordnetzsteuergerät -J519-, B= Steckverbindung 12fach	1445
1.16.4 Bordnetzsteuergerät -J519-, C= Steckverbindung 12fach	1446
1.16.5 Bordnetzsteuergerät -J519-, D= Steckverbindung 16fach	1447
1.16.6 Bordnetzsteuergerät -J519-, E= Steckverbindung 12fach	1448
1.16.7 Bordnetzsteuergerät -J519-, F= Steckverbindung 16fach	1449
1.16.8 Bordnetzsteuergerät -J519-, G= Steckverbindung 16fach	1450
1.16.9 Bordnetzsteuergerät -J519-, H= Steckverbindung 12fach	1451
1.16.10 Bordnetzsteuergerät -J519-, I= Steckverbindung 12fach	1452
1.16.11 Bordnetzsteuergerät -J519-, J= Steckverbindung 6fach	1453
1.16.12 Bordnetzsteuergerät -J519-, K= Steckverbindung 10fach	1454
1.16.13 Bordnetzsteuergerät -J519-, L= Steckverbindung 2fach	1455
1.17 Türsteuergerät Fahrerseite -J386-	1456-1457
1.17.2 Steckerbelegung	1456-1457
1.18 Steuergerät für Anhängererkennung -J345-	1458-1459
1.18.1 F= Aufnahme Zündanlassschalter und Zündschlüsselabzugsperre	1458
1.18.2 G= Aufnahme Wischer, Intervallscheibenwischer und Multifunktionsanzeige	1459
1.19 Steuergerät für Radio	1460-1462
1.20 Steuergerät für Steckdose für Sonderfahrzeuge -J533-, Steckerbelegung	1461-1462
901 - Fehlersuchprogramme: Elektrische Elektrik - 3	1463
1. Fehlersuchprogramme	1463
1.1 Fehlersuche Elektrik - diagnosefähige Systeme und Bauteile	1463
1.2 Fehlersuche Elektrik - nicht diagnosefähige Systeme und Bauteile	1463
